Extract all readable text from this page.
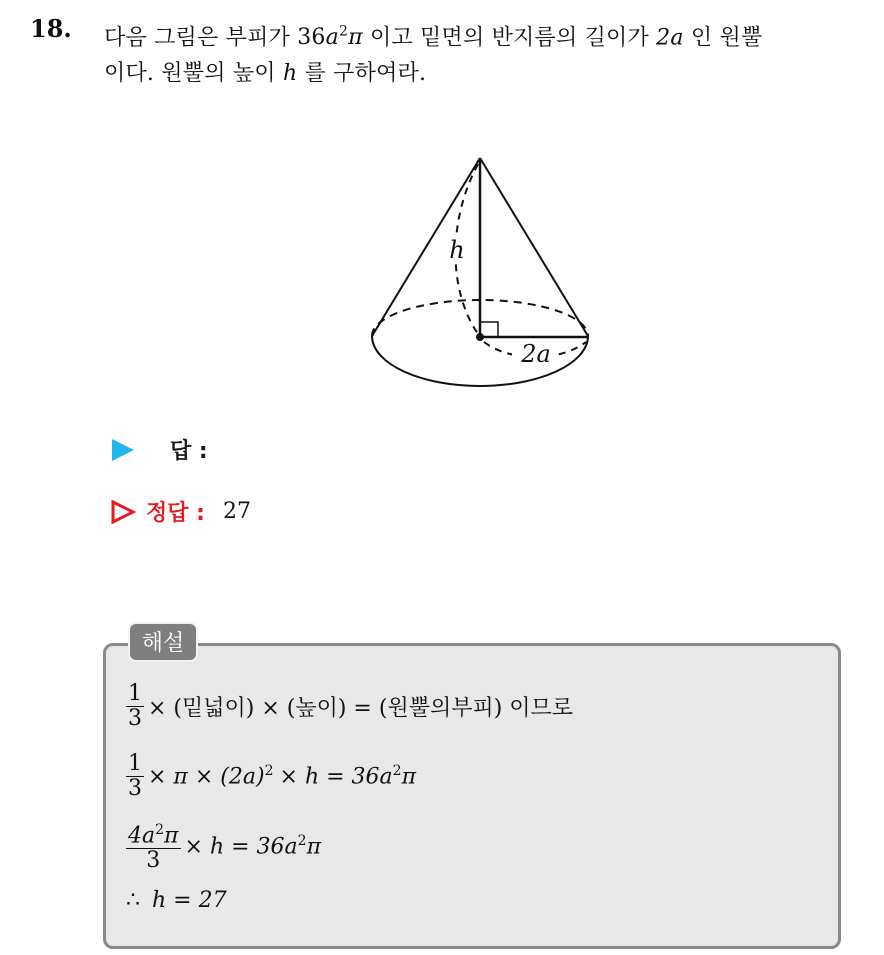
18. 다음 그림은 부피가 $36a^2\pi$ 이고 밑면의 반지름의 길이가 2a 인 원뿔
이다. 원뿔의 높이 h 를 구하여라.
h
2a
답 :
정답 : 27
해설
$\frac{1}{3}$ × (밑넓이) × (높이) = (원뿔의부피) 이므로
$\frac{1}{3} \times \pi \times (2a)^2 \times h = 36a^2\pi$
$\frac{4a^2\pi}{3} \times h = 36a^2\pi$
∴ h = 27
